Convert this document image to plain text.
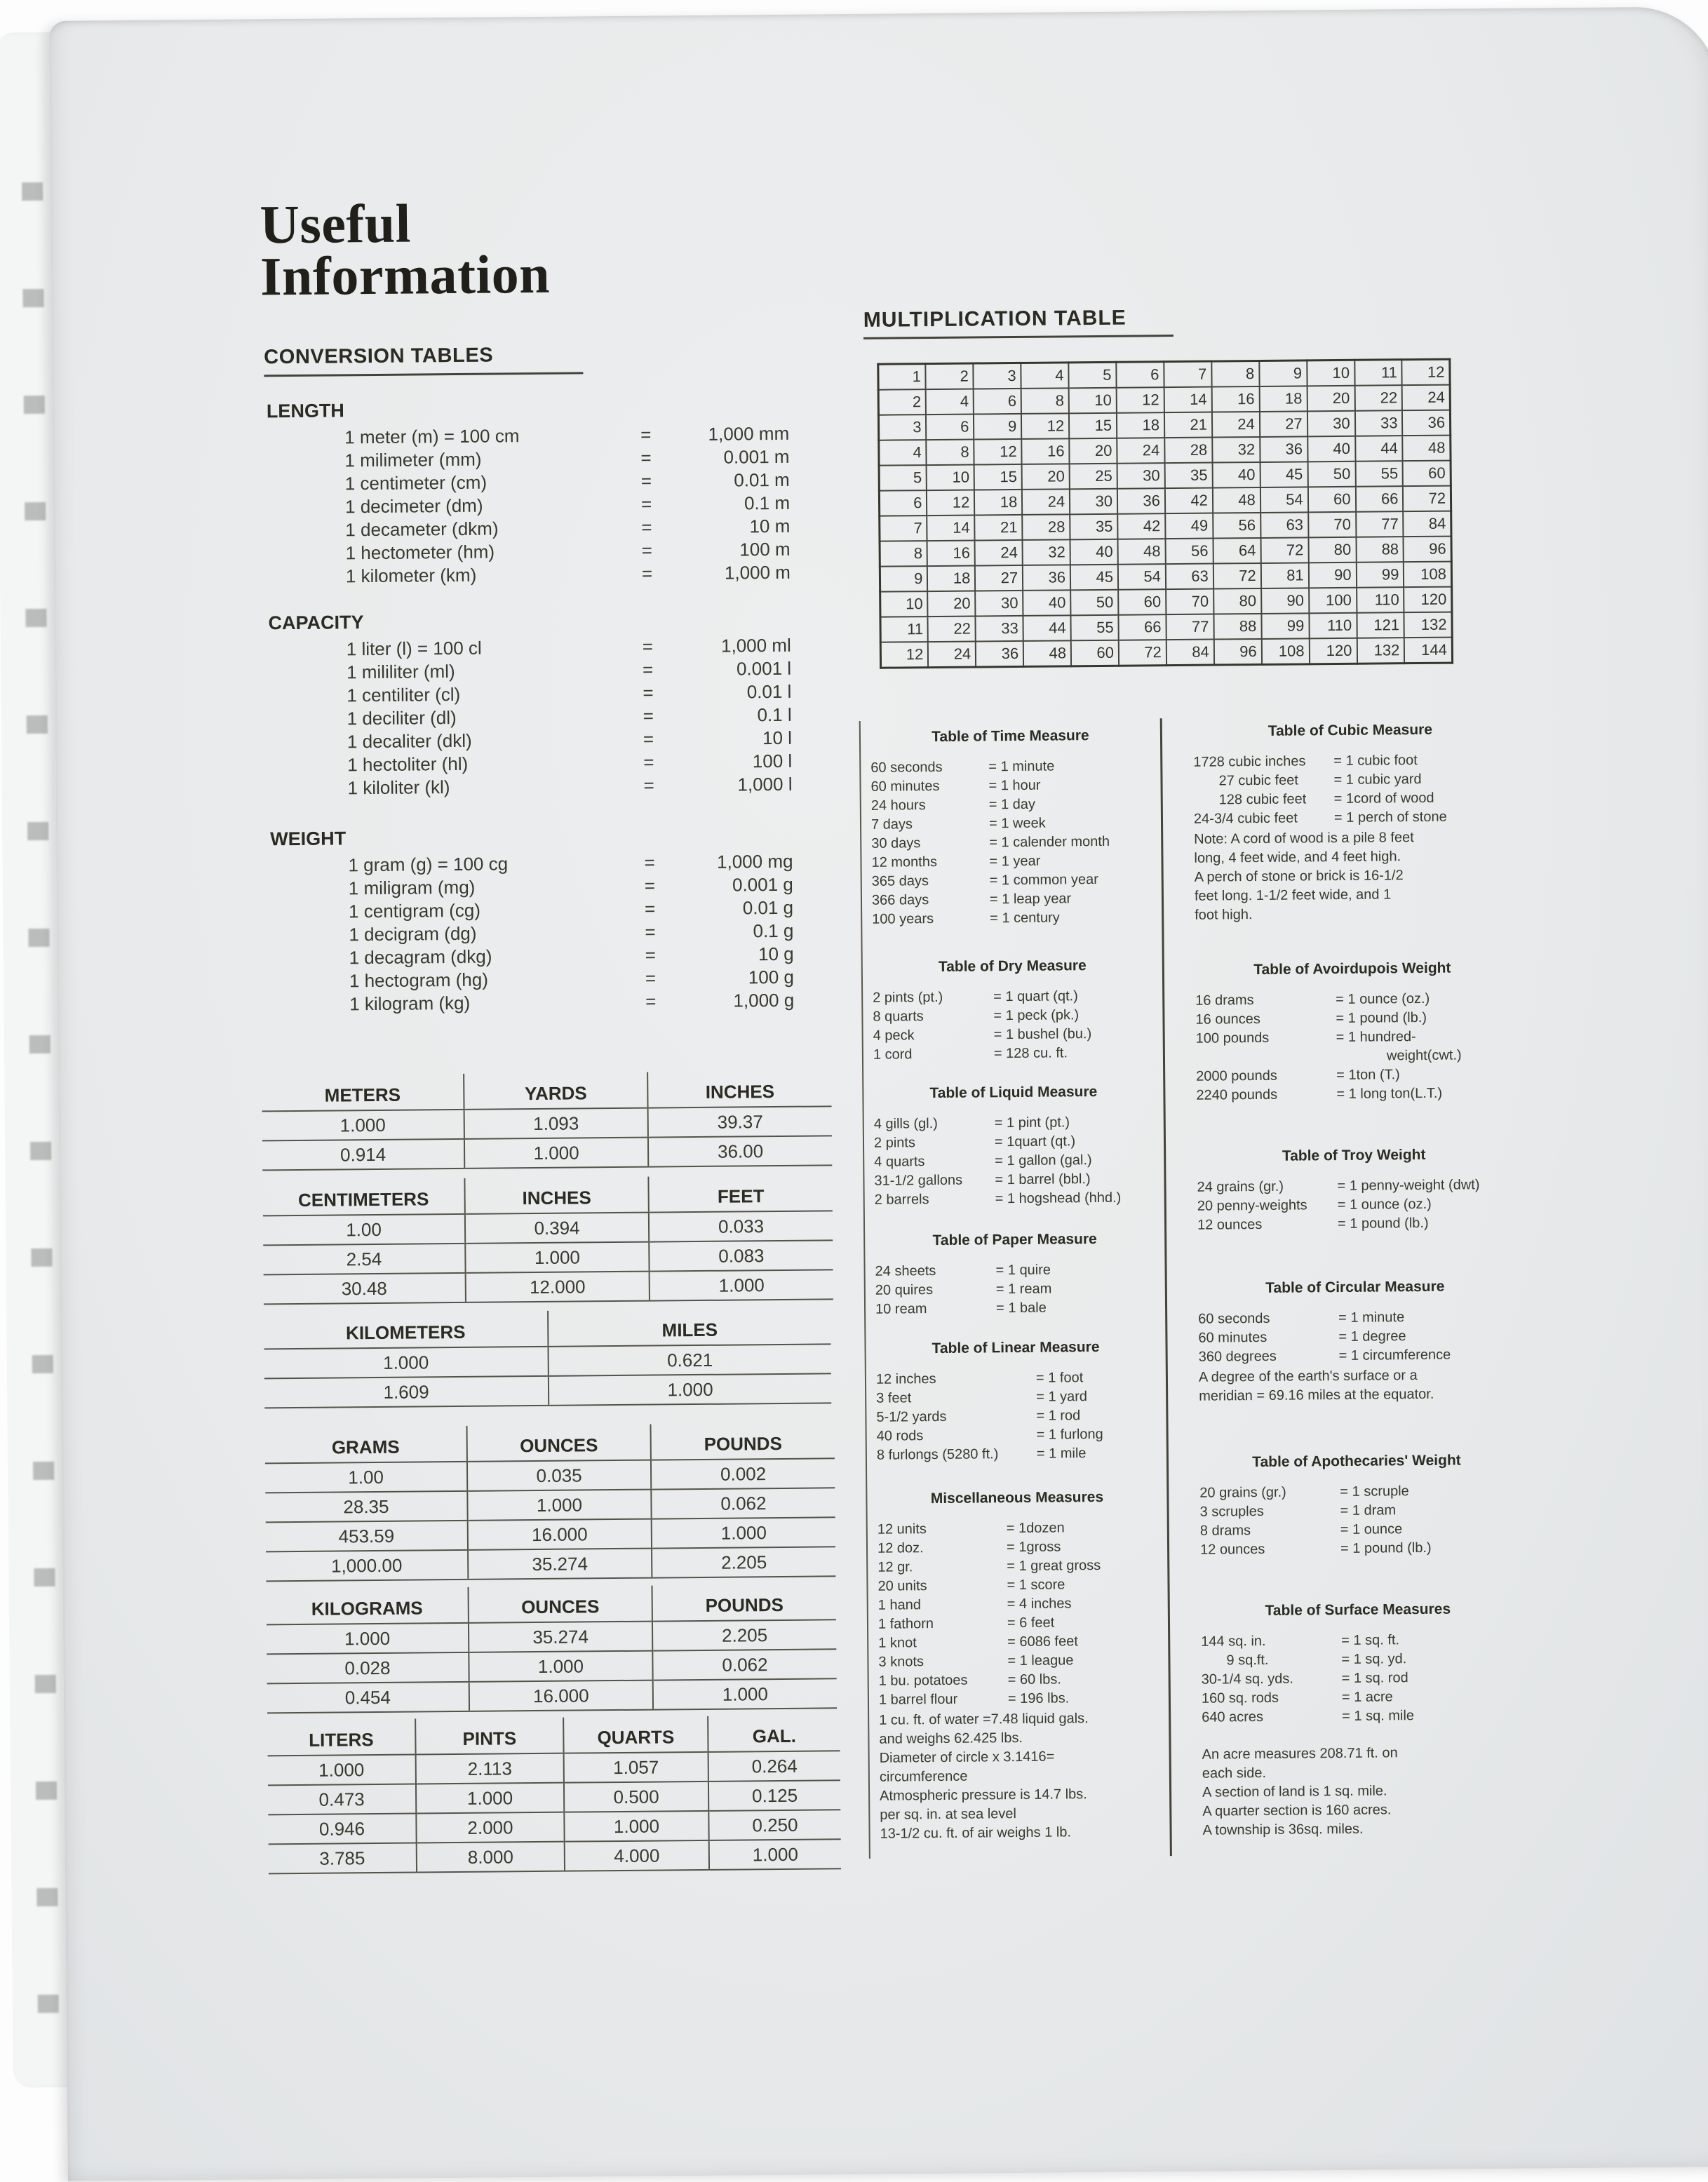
Useful
Information
CONVERSION TABLES
LENGTH
1 meter (m) = 100 cm	=	1,000 mm
1 milimeter (mm)	=	0.001 m
1 centimeter (cm)	=	0.01 m
1 decimeter (dm)	=	0.1 m
1 decameter (dkm)	=	10 m
1 hectometer (hm)	=	100 m
1 kilometer (km)	=	1,000 m
CAPACITY
1 liter (l) = 100 cl	=	1,000 ml
1 mililiter (ml)	=	0.001 l
1 centiliter (cl)	=	0.01 l
1 deciliter (dl)	=	0.1 l
1 decaliter (dkl)	=	10 l
1 hectoliter (hl)	=	100 l
1 kiloliter (kl)	=	1,000 l
WEIGHT
1 gram (g) = 100 cg	=	1,000 mg
1 miligram (mg)	=	0.001 g
1 centigram (cg)	=	0.01 g
1 decigram (dg)	=	0.1 g
1 decagram (dkg)	=	10 g
1 hectogram (hg)	=	100 g
1 kilogram (kg)	=	1,000 g
METERS	YARDS	INCHES
1.000	1.093	39.37
0.914	1.000	36.00
CENTIMETERS	INCHES	FEET
1.00	0.394	0.033
2.54	1.000	0.083
30.48	12.000	1.000
KILOMETERS	MILES
1.000	0.621
1.609	1.000
GRAMS	OUNCES	POUNDS
1.00	0.035	0.002
28.35	1.000	0.062
453.59	16.000	1.000
1,000.00	35.274	2.205
KILOGRAMS	OUNCES	POUNDS
1.000	35.274	2.205
0.028	1.000	0.062
0.454	16.000	1.000
LITERS	PINTS	QUARTS	GAL.
1.000	2.113	1.057	0.264
0.473	1.000	0.500	0.125
0.946	2.000	1.000	0.250
3.785	8.000	4.000	1.000
MULTIPLICATION TABLE
1	2	3	4	5	6	7	8	9	10	11	12
2	4	6	8	10	12	14	16	18	20	22	24
3	6	9	12	15	18	21	24	27	30	33	36
4	8	12	16	20	24	28	32	36	40	44	48
5	10	15	20	25	30	35	40	45	50	55	60
6	12	18	24	30	36	42	48	54	60	66	72
7	14	21	28	35	42	49	56	63	70	77	84
8	16	24	32	40	48	56	64	72	80	88	96
9	18	27	36	45	54	63	72	81	90	99	108
10	20	30	40	50	60	70	80	90	100	110	120
11	22	33	44	55	66	77	88	99	110	121	132
12	24	36	48	60	72	84	96	108	120	132	144
Table of Time Measure
60 seconds	= 1 minute
60 minutes	= 1 hour
24 hours	= 1 day
7 days	= 1 week
30 days	= 1 calender month
12 months	= 1 year
365 days	= 1 common year
366 days	= 1 leap year
100 years	= 1 century
Table of Dry Measure
2 pints (pt.)	= 1 quart (qt.)
8 quarts	= 1 peck (pk.)
4 peck	= 1 bushel (bu.)
1 cord	= 128 cu. ft.
Table of Liquid Measure
4 gills (gl.)	= 1 pint (pt.)
2 pints	= 1quart (qt.)
4 quarts	= 1 gallon (gal.)
31-1/2 gallons = 1 barrel (bbl.)
2 barrels	= 1 hogshead (hhd.)
Table of Paper Measure
24 sheets	= 1 quire
20 quires	= 1 ream
10 ream	= 1 bale
Table of Linear Measure
12 inches	= 1 foot
3 feet	= 1 yard
5-1/2 yards	= 1 rod
40 rods	= 1 furlong
8 furlongs (5280 ft.)	= 1 mile
Miscellaneous Measures
12 units	= 1dozen
12 doz.	= 1gross
12 gr.	= 1 great gross
20 units	= 1 score
1 hand	= 4 inches
1 fathorn	= 6 feet
1 knot	= 6086 feet
3 knots	= 1 league
1 bu. potatoes	= 60 lbs.
1 barrel flour	= 196 lbs.
1 cu. ft. of water =7.48 liquid gals.
and weighs 62.425 lbs.
Diameter of circle x 3.1416=
circumference
Atmospheric pressure is 14.7 lbs.
per sq. in. at sea level
13-1/2 cu. ft. of air weighs 1 lb.
Table of Cubic Measure
1728 cubic inches = 1 cubic foot
27 cubic feet	= 1 cubic yard
128 cubic feet = 1cord of wood
24-3/4 cubic feet	= 1 perch of stone
Note: A cord of wood is a pile 8 feet
long, 4 feet wide, and 4 feet high.
A perch of stone or brick is 16-1/2
feet long. 1-1/2 feet wide, and 1
foot high.
Table of Avoirdupois Weight
16 drams	= 1 ounce (oz.)
16 ounces	= 1 pound (lb.)
100 pounds	= 1 hundred-
weight(cwt.)
2000 pounds	= 1ton (T.)
2240 pounds	= 1 long ton(L.T.)
Table of Troy Weight
24 grains (gr.)	= 1 penny-weight (dwt)
20 penny-weights = 1 ounce (oz.)
12 ounces	= 1 pound (lb.)
Table of Circular Measure
60 seconds	= 1 minute
60 minutes	= 1 degree
360 degrees	= 1 circumference
A degree of the earth's surface or a
meridian = 69.16 miles at the equator.
Table of Apothecaries' Weight
20 grains (gr.)	= 1 scruple
3 scruples	= 1 dram
8 drams	= 1 ounce
12 ounces	= 1 pound (lb.)
Table of Surface Measures
144 sq. in.	= 1 sq. ft.
9 sq.ft.	= 1 sq. yd.
30-1/4 sq. yds.	= 1 sq. rod
160 sq. rods	= 1 acre
640 acres	= 1 sq. mile
An acre measures 208.71 ft. on
each side.
A section of land is 1 sq. mile.
A quarter section is 160 acres.
A township is 36sq. miles.
